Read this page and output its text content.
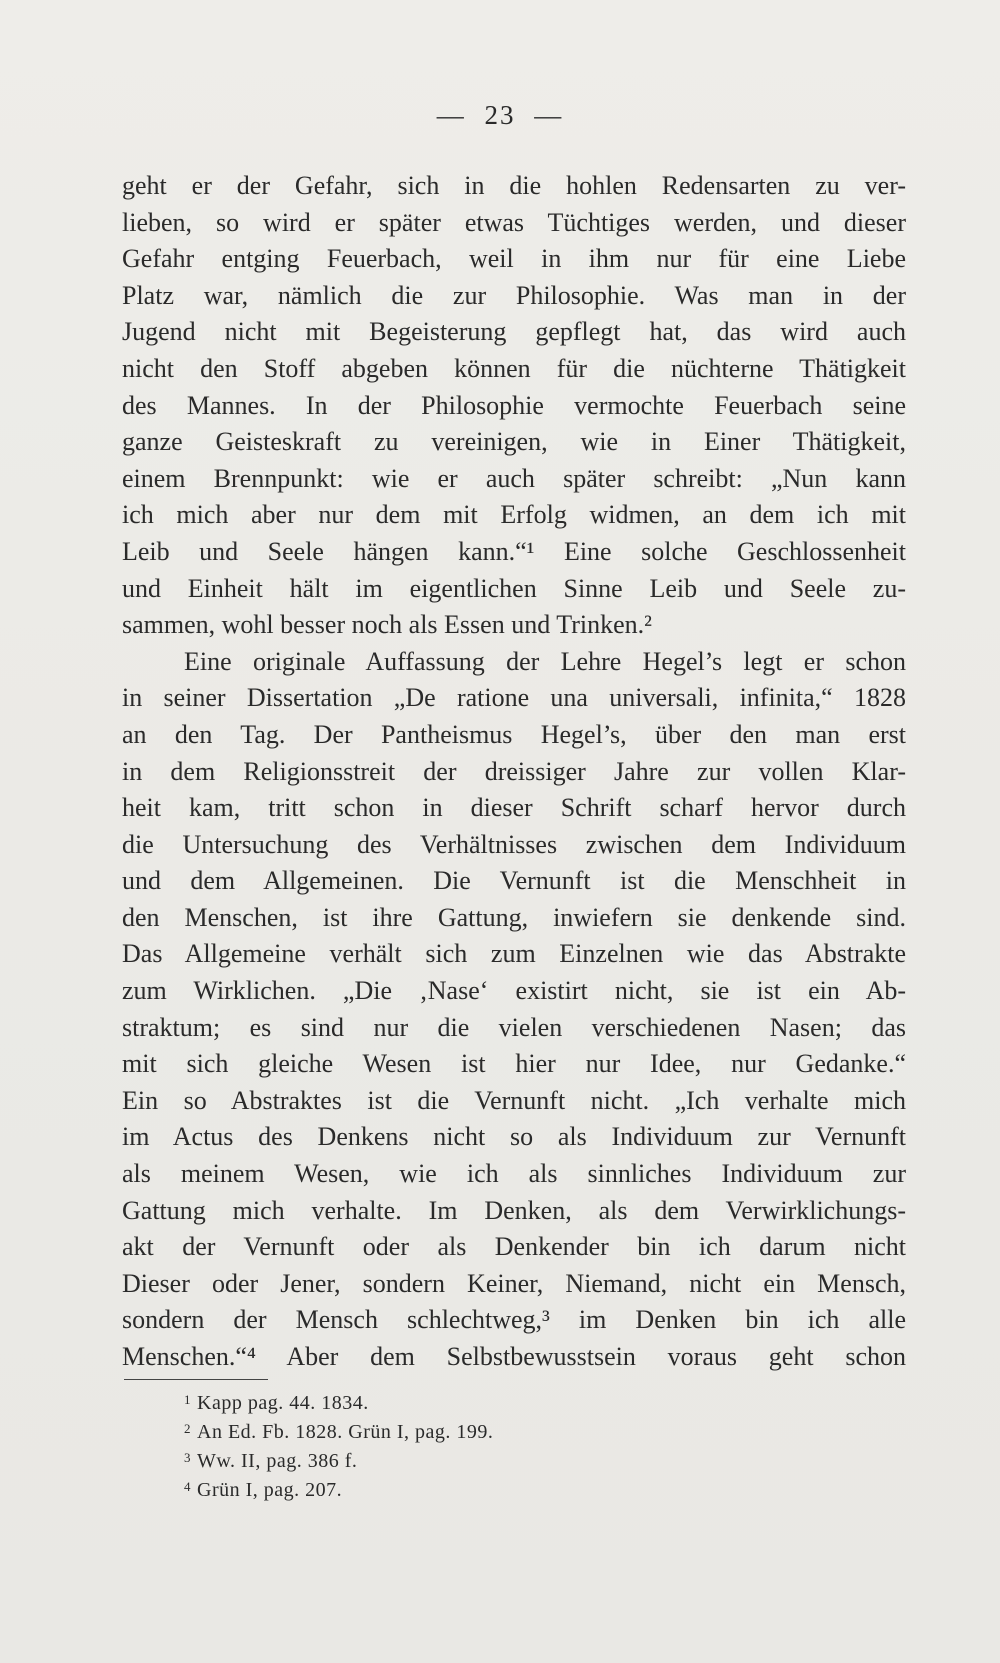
— 23 —
geht er der Gefahr, sich in die hohlen Redensarten zu ver-
lieben, so wird er später etwas Tüchtiges werden, und dieser
Gefahr entging Feuerbach, weil in ihm nur für eine Liebe
Platz war, nämlich die zur Philosophie. Was man in der
Jugend nicht mit Begeisterung gepflegt hat, das wird auch
nicht den Stoff abgeben können für die nüchterne Thätigkeit
des Mannes. In der Philosophie vermochte Feuerbach seine
ganze Geisteskraft zu vereinigen, wie in Einer Thätigkeit,
einem Brennpunkt: wie er auch später schreibt: „Nun kann
ich mich aber nur dem mit Erfolg widmen, an dem ich mit
Leib und Seele hängen kann.“¹ Eine solche Geschlossenheit
und Einheit hält im eigentlichen Sinne Leib und Seele zu-
sammen, wohl besser noch als Essen und Trinken.²
Eine originale Auffassung der Lehre Hegel’s legt er schon
in seiner Dissertation „De ratione una universali, infinita,“ 1828
an den Tag. Der Pantheismus Hegel’s, über den man erst
in dem Religionsstreit der dreissiger Jahre zur vollen Klar-
heit kam, tritt schon in dieser Schrift scharf hervor durch
die Untersuchung des Verhältnisses zwischen dem Individuum
und dem Allgemeinen. Die Vernunft ist die Menschheit in
den Menschen, ist ihre Gattung, inwiefern sie denkende sind.
Das Allgemeine verhält sich zum Einzelnen wie das Abstrakte
zum Wirklichen. „Die ‚Nase‘ existirt nicht, sie ist ein Ab-
straktum; es sind nur die vielen verschiedenen Nasen; das
mit sich gleiche Wesen ist hier nur Idee, nur Gedanke.“
Ein so Abstraktes ist die Vernunft nicht. „Ich verhalte mich
im Actus des Denkens nicht so als Individuum zur Vernunft
als meinem Wesen, wie ich als sinnliches Individuum zur
Gattung mich verhalte. Im Denken, als dem Verwirklichungs-
akt der Vernunft oder als Denkender bin ich darum nicht
Dieser oder Jener, sondern Keiner, Niemand, nicht ein Mensch,
sondern der Mensch schlechtweg,³ im Denken bin ich alle
Menschen.“⁴ Aber dem Selbstbewusstsein voraus geht schon
$^1$ Kapp pag. 44. 1834.
$^2$ An Ed. Fb. 1828. Grün I, pag. 199.
$^3$ Ww. II, pag. 386 f.
$^4$ Grün I, pag. 207.
